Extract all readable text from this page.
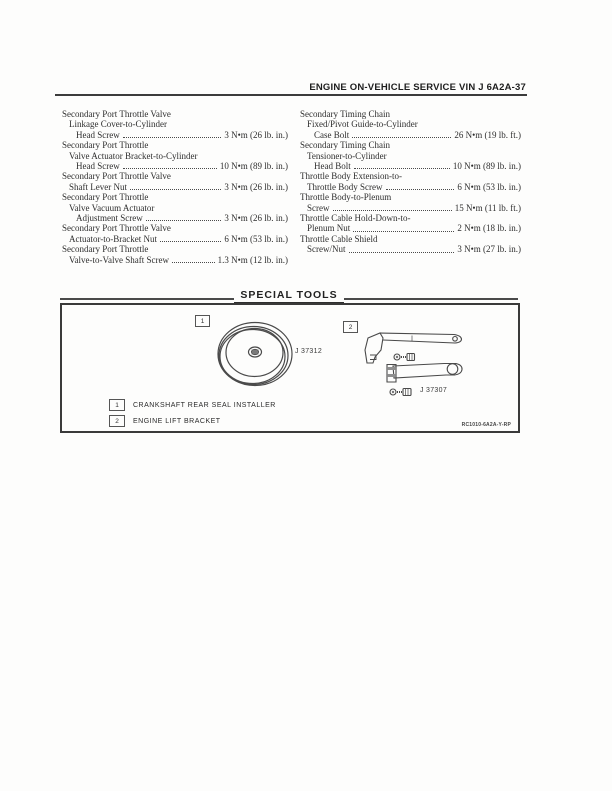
ENGINE ON-VEHICLE SERVICE VIN J 6A2A-37
Secondary Port Throttle Valve
Linkage Cover-to-Cylinder
Head Screw	3 N•m (26 lb. in.)
Secondary Port Throttle
Valve Actuator Bracket-to-Cylinder
Head Screw	10 N•m (89 lb. in.)
Secondary Port Throttle Valve
Shaft Lever Nut	3 N•m (26 lb. in.)
Secondary Port Throttle
Valve Vacuum Actuator
Adjustment Screw	3 N•m (26 lb. in.)
Secondary Port Throttle Valve
Actuator-to-Bracket Nut	6 N•m (53 lb. in.)
Secondary Port Throttle
Valve-to-Valve Shaft Screw	1.3 N•m (12 lb. in.)
Secondary Timing Chain
Fixed/Pivot Guide-to-Cylinder
Case Bolt	26 N•m (19 lb. ft.)
Secondary Timing Chain
Tensioner-to-Cylinder
Head Bolt	10 N•m (89 lb. in.)
Throttle Body Extension-to-
Throttle Body Screw	6 N•m (53 lb. in.)
Throttle Body-to-Plenum
Screw	15 N•m (11 lb. ft.)
Throttle Cable Hold-Down-to-
Plenum Nut	2 N•m (18 lb. in.)
Throttle Cable Shield
Screw/Nut	3 N•m (27 lb. in.)
SPECIAL TOOLS
1
2
J 37312
J 37307
1	CRANKSHAFT REAR SEAL INSTALLER
2	ENGINE LIFT BRACKET
RC1010-6A2A-Y-RP
